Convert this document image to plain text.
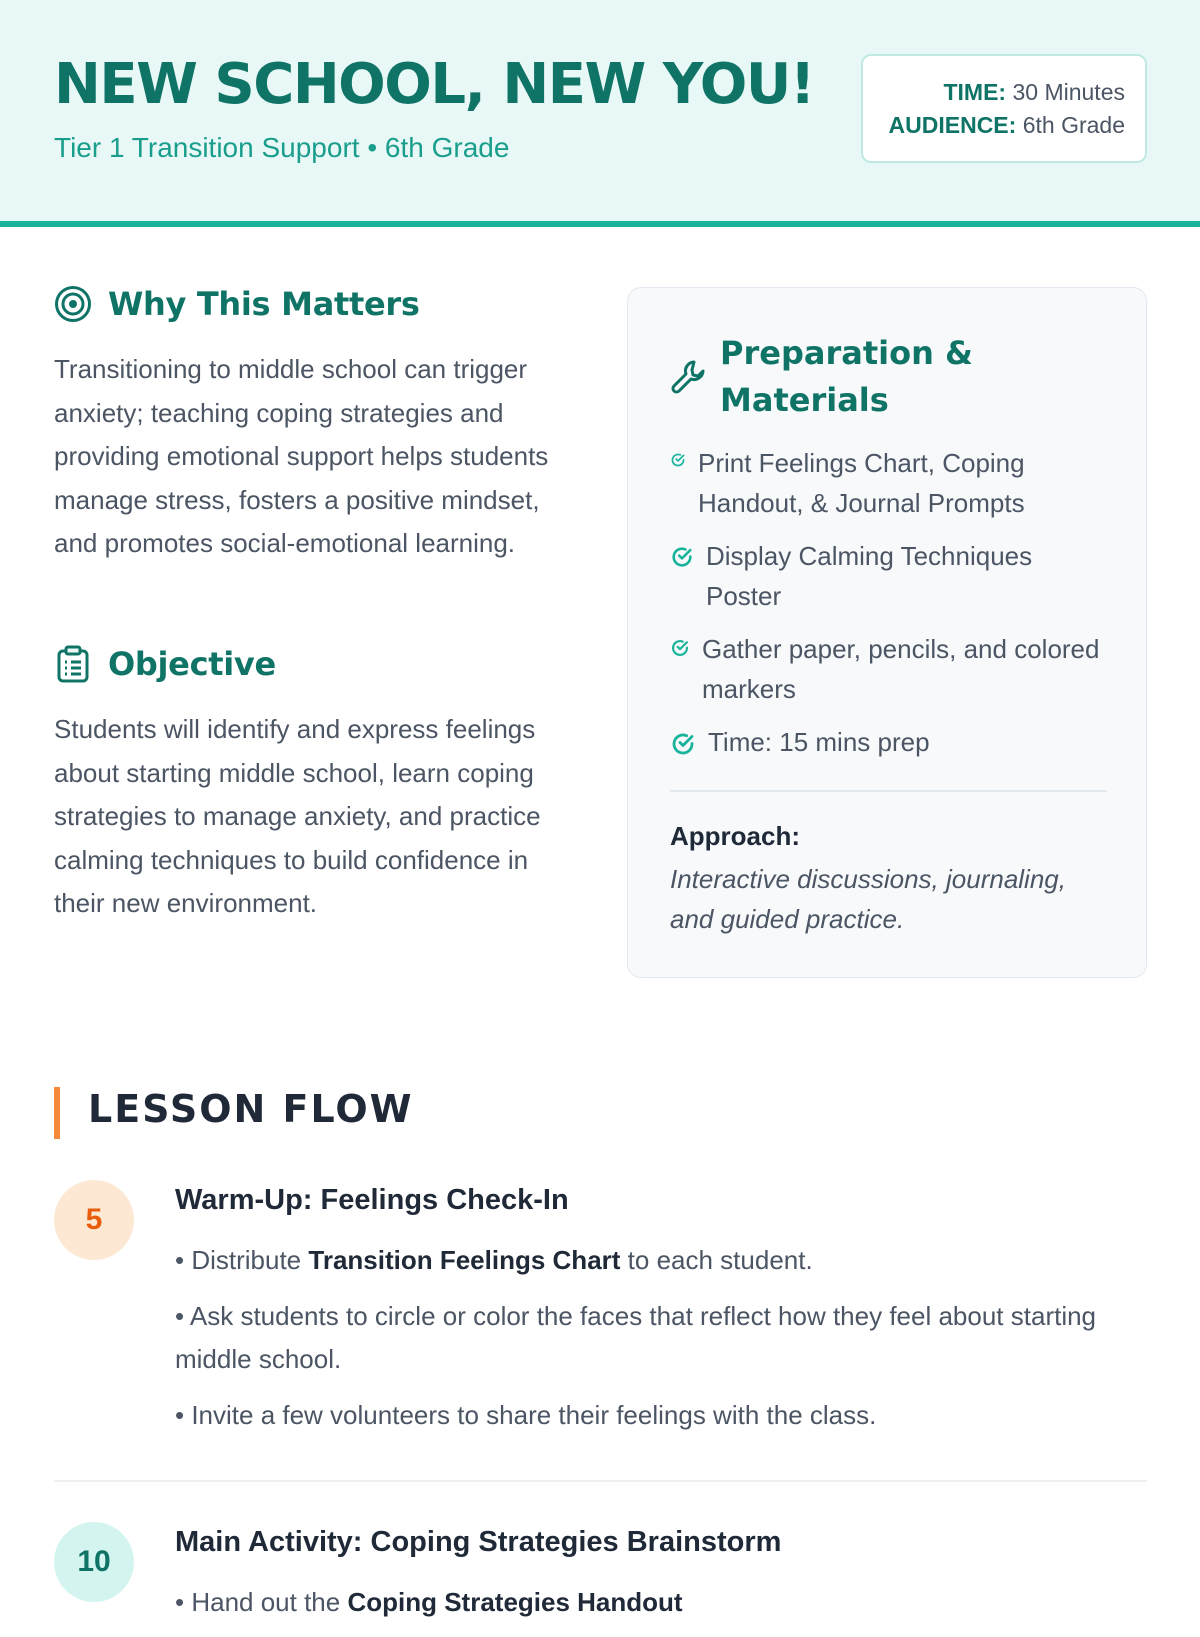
NEW SCHOOL, NEW YOU!
Tier 1 Transition Support • 6th Grade
TIME: 30 Minutes
AUDIENCE: 6th Grade
Why This Matters

Transitioning to middle school can trigger anxiety; teaching coping strategies and providing emotional support helps students manage stress, fosters a positive mindset, and promotes social-emotional learning.

Objective

Students will identify and express feelings about starting middle school, learn coping strategies to manage anxiety, and practice calming techniques to build confidence in their new environment.

Preparation & Materials
Print Feelings Chart, Coping Handout, & Journal Prompts
Display Calming Techniques Poster
Gather paper, pencils, and colored markers
Time: 15 mins prep
Approach:
Interactive discussions, journaling, and guided practice.
LESSON FLOW
5
Warm-Up: Feelings Check-In
• Distribute Transition Feelings Chart to each student.
• Ask students to circle or color the faces that reflect how they feel about starting middle school.
• Invite a few volunteers to share their feelings with the class.
10
Main Activity: Coping Strategies Brainstorm
• Hand out the Coping Strategies Handout
